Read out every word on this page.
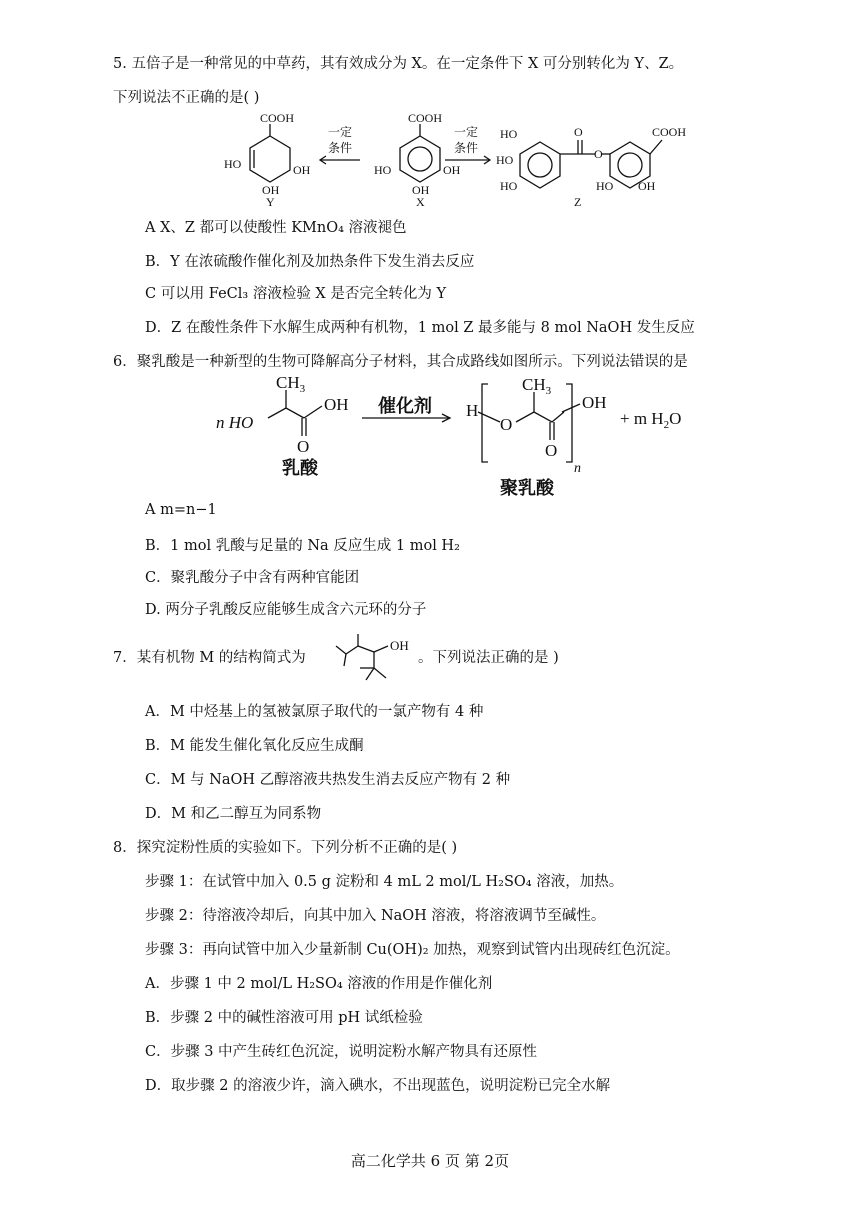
5. 五倍子是一种常见的中草药，其有效成分为 X。在一定条件下 X 可分别转化为 Y、Z。
下列说法不正确的是( )
COOH
HO	OH
OH
Y
一定
条件
COOH
HO	OH
OH
X
一定
条件
HO
HO
HO
O
O
COOH
HO OH
Z
A X、Z 都可以使酸性 KMnO₄ 溶液褪色
B．Y 在浓硫酸作催化剂及加热条件下发生消去反应
C 可以用 FeCl₃ 溶液检验 X 是否完全转化为 Y
D．Z 在酸性条件下水解生成两种有机物，1 mol Z 最多能与 8 mol NaOH 发生反应
6．聚乳酸是一种新型的生物可降解高分子材料，其合成路线如图所示。下列说法错误的是
n HO
$CH_3$
OH
O
乳酸
催化剂 H
O
$CH_3$
O
n
OH
+ m $H_2O$
聚乳酸
A m=n−1
B．1 mol 乳酸与足量的 Na 反应生成 1 mol H₂
C．聚乳酸分子中含有两种官能团
D. 两分子乳酸反应能够生成含六元环的分子
7．某有机物 M 的结构简式为
OH
。下列说法正确的是 )
A．M 中烃基上的氢被氯原子取代的一氯产物有 4 种
B．M 能发生催化氧化反应生成酮
C．M 与 NaOH 乙醇溶液共热发生消去反应产物有 2 种
D．M 和乙二醇互为同系物
8．探究淀粉性质的实验如下。下列分析不正确的是( )
步骤 1：在试管中加入 0.5 g 淀粉和 4 mL 2 mol/L H₂SO₄ 溶液，加热。
步骤 2：待溶液冷却后，向其中加入 NaOH 溶液，将溶液调节至碱性。
步骤 3：再向试管中加入少量新制 Cu(OH)₂ 加热，观察到试管内出现砖红色沉淀。
A．步骤 1 中 2 mol/L H₂SO₄ 溶液的作用是作催化剂
B．步骤 2 中的碱性溶液可用 pH 试纸检验
C．步骤 3 中产生砖红色沉淀，说明淀粉水解产物具有还原性
D．取步骤 2 的溶液少许，滴入碘水，不出现蓝色，说明淀粉已完全水解
高二化学共 6 页 第 2页
